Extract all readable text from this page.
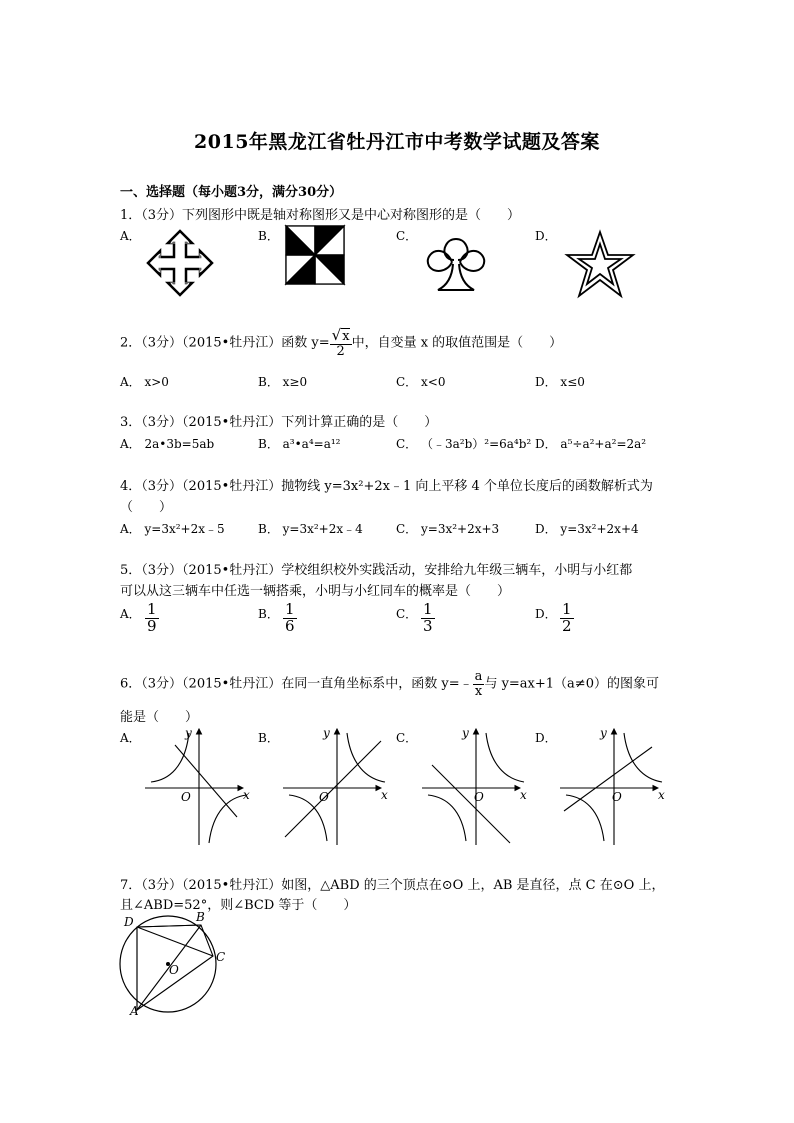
2015年黑龙江省牡丹江市中考数学试题及答案
一、选择题（每小题3分，满分30分）
1．（3分）下列图形中既是轴对称图形又是中心对称图形的是（　　）
A．	B．	C．	D．
2．（3分）（2015•牡丹江）函数 $y= \frac{√x}{2}$ 中，自变量 x 的取值范围是（　　）
A． x>0	B． x≥0	C． x<0	D． x≤0
3．（3分）（2015•牡丹江）下列计算正确的是（　　）
A． 2a•3b=5ab	B． a³•a⁴=a¹²	C． （﹣3a²b）²=6a⁴b² D． a⁵÷a²+a²=2a²
4．（3分）（2015•牡丹江）抛物线 y=3x²+2x﹣1 向上平移 4 个单位长度后的函数解析式为
（　　）
A． y=3x²+2x﹣5	B． y=3x²+2x﹣4	C． y=3x²+2x+3	D． y=3x²+2x+4
5．（3分）（2015•牡丹江）学校组织校外实践活动，安排给九年级三辆车，小明与小红都
可以从这三辆车中任选一辆搭乘，小明与小红同车的概率是（　　）
A． $\frac{1}{9}$	B． $\frac{1}{6}$	C． $\frac{1}{3}$	D． $\frac{1}{2}$
6．（3分）（2015•牡丹江）在同一直角坐标系中，函数 y=﹣ $\frac{a}{x}$ 与 y=ax+1（a≠0）的图象可
能是（　　）
A．	B．	C．	D．
x
y
O	x
y
O	x
y
O	x
y
O
7．（3分）（2015•牡丹江）如图，△ABD 的三个顶点在⊙O 上，AB 是直径，点 C 在⊙O 上，
且∠ABD=52°，则∠BCD 等于（　　）
D	B
C
O
A
